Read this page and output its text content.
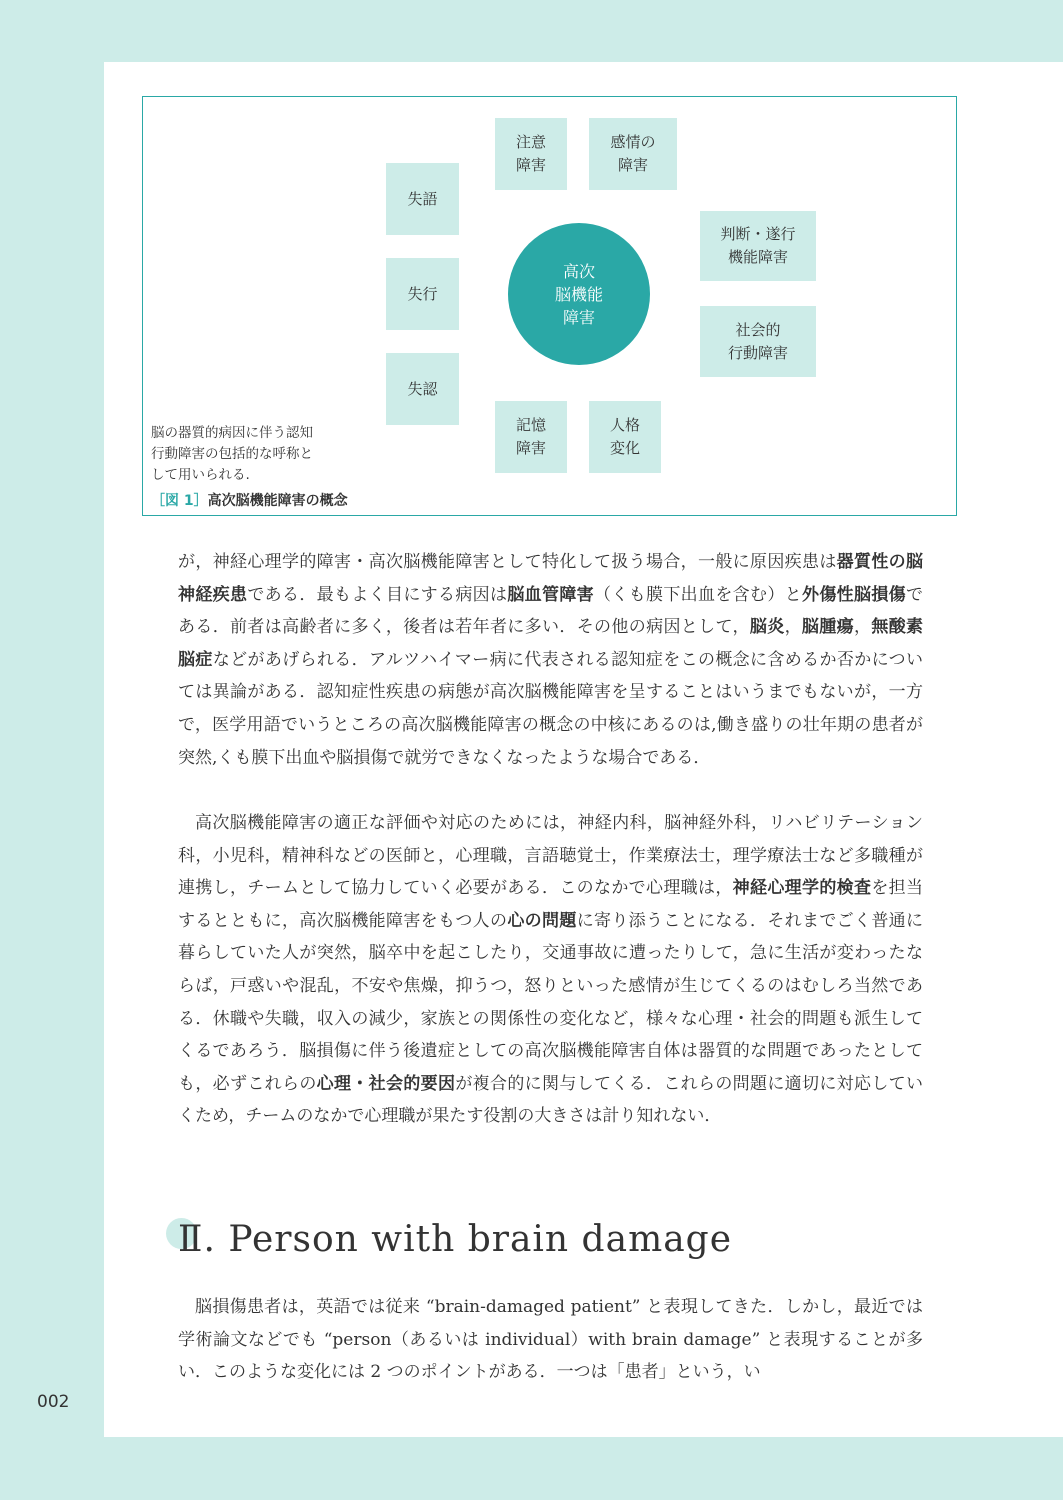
注意
障害
感情の
障害
失語
失行
失認
判断・遂行
機能障害
社会的
行動障害
記憶
障害
人格
変化
高次
脳機能
障害
脳の器質的病因に伴う認知
行動障害の包括的な呼称と
して用いられる.
［図 1］高次脳機能障害の概念

が，神経心理学的障害・高次脳機能障害として特化して扱う場合，一般に原因疾患は器質性の脳神経疾患である．最もよく目にする病因は脳血管障害（くも膜下出血を含む）と外傷性脳損傷である．前者は高齢者に多く，後者は若年者に多い．その他の病因として，脳炎，脳腫瘍，無酸素脳症などがあげられる．アルツハイマー病に代表される認知症をこの概念に含めるか否かについては異論がある．認知症性疾患の病態が高次脳機能障害を呈することはいうまでもないが，一方で，医学用語でいうところの高次脳機能障害の概念の中核にあるのは,働き盛りの壮年期の患者が突然,くも膜下出血や脳損傷で就労できなくなったような場合である．

高次脳機能障害の適正な評価や対応のためには，神経内科，脳神経外科，リハビリテーション科，小児科，精神科などの医師と，心理職，言語聴覚士，作業療法士，理学療法士など多職種が連携し，チームとして協力していく必要がある．このなかで心理職は，神経心理学的検査を担当するとともに，高次脳機能障害をもつ人の心の問題に寄り添うことになる．それまでごく普通に暮らしていた人が突然，脳卒中を起こしたり，交通事故に遭ったりして，急に生活が変わったならば，戸惑いや混乱，不安や焦燥，抑うつ，怒りといった感情が生じてくるのはむしろ当然である．休職や失職，収入の減少，家族との関係性の変化など，様々な心理・社会的問題も派生してくるであろう．脳損傷に伴う後遺症としての高次脳機能障害自体は器質的な問題であったとしても，必ずこれらの心理・社会的要因が複合的に関与してくる．これらの問題に適切に対応していくため，チームのなかで心理職が果たす役割の大きさは計り知れない．

Ⅱ. Person with brain damage

脳損傷患者は，英語では従来 “brain-damaged patient” と表現してきた．しかし，最近では学術論文などでも “person（あるいは individual）with brain damage” と表現することが多い．このような変化には 2 つのポイントがある．一つは「患者」という，い

002
